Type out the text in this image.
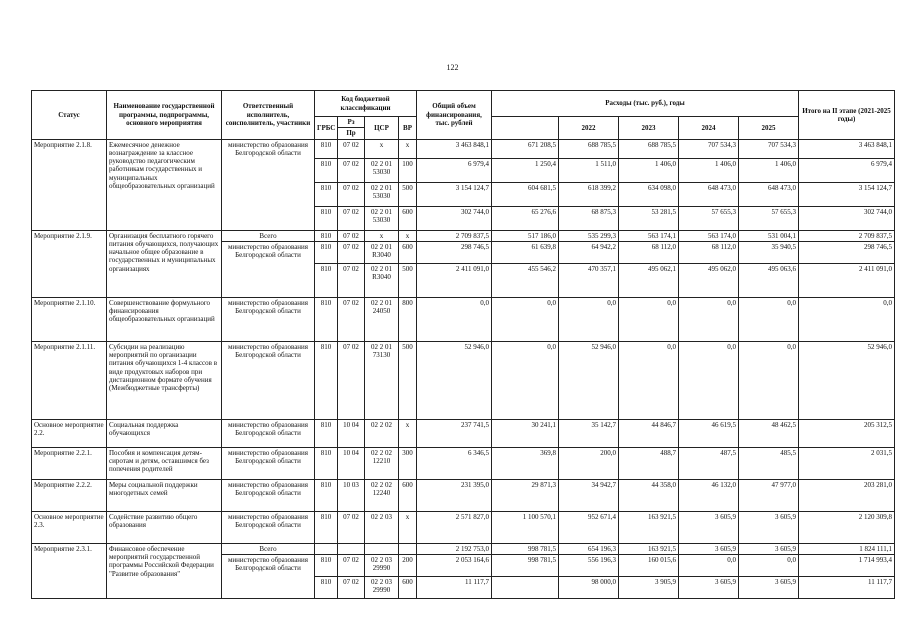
122
Статус	Наименование государственной программы, подпрограммы, основного мероприятия	Ответственный исполнитель, соисполнитель, участники	Код бюджетной классификации				Общий объем финансирования, тыс. рублей	Расходы (тыс. руб.), годы					Итого на II этапе (2021-2025 годы)
			ГРБС	Рз	ЦСР	ВР			2022	2023	2024	2025	
				Пр									
Мероприятие 2.1.8.	Ежемесячное денежное вознаграждение за классное руководство педагогическим работникам государственных и муниципальных общеобразовательных организаций	министерство образования Белгородской области	810	07 02	х	х	3 463 848,1	671 208,5	688 785,5	688 785,5	707 534,3	707 534,3	3 463 848,1
			810	07 02	02 2 01 53030	100	6 979,4	1 250,4	1 511,0	1 406,0	1 406,0	1 406,0	6 979,4
			810	07 02	02 2 01 53030	500	3 154 124,7	604 681,5	618 399,2	634 098,0	648 473,0	648 473,0	3 154 124,7
			810	07 02	02 2 01 53030	600	302 744,0	65 276,6	68 875,3	53 281,5	57 655,3	57 655,3	302 744,0
Мероприятие 2.1.9.	Организация бесплатного горячего питания обучающихся, получающих начальное общее образование в государственных и муниципальных организациях	Всего	810	07 02	х	х	2 709 837,5	517 186,0	535 299,3	563 174,1	563 174,0	531 004,1	2 709 837,5
		министерство образования Белгородской области	810	07 02	02 2 01 R3040	600	298 746,5	61 639,8	64 942,2	68 112,0	68 112,0	35 940,5	298 746,5
			810	07 02	02 2 01 R3040	500	2 411 091,0	455 546,2	470 357,1	495 062,1	495 062,0	495 063,6	2 411 091,0
Мероприятие 2.1.10.	Совершенствование формульного финансирования общеобразовательных организаций	министерство образования Белгородской области	810	07 02	02 2 01 24050	800	0,0	0,0	0,0	0,0	0,0	0,0	0,0
Мероприятие 2.1.11.	Субсидии на реализацию мероприятий по организации питания обучающихся 1-4 классов в виде продуктовых наборов при дистанционном формате обучения (Межбюджетные трансферты)	министерство образования Белгородской области	810	07 02	02 2 01 73130	500	52 946,0	0,0	52 946,0	0,0	0,0	0,0	52 946,0
Основное мероприятие 2.2.	Социальная поддержка обучающихся	министерство образования Белгородской области	810	10 04	02 2 02	х	237 741,5	30 241,1	35 142,7	44 846,7	46 619,5	48 462,5	205 312,5
Мероприятие 2.2.1.	Пособия и компенсация детям-сиротам и детям, оставшимся без попечения родителей	министерство образования Белгородской области	810	10 04	02 2 02 12210	300	6 346,5	369,8	200,0	488,7	487,5	485,5	2 031,5
Мероприятие 2.2.2.	Меры социальной поддержки многодетных семей	министерство образования Белгородской области	810	10 03	02 2 02 12240	600	231 395,0	29 871,3	34 942,7	44 358,0	46 132,0	47 977,0	203 281,0
Основное мероприятие 2.3.	Содействие развитию общего образования	министерство образования Белгородской области	810	07 02	02 2 03	х	2 571 827,0	1 100 570,1	952 671,4	163 921,5	3 605,9	3 605,9	2 120 309,8
Мероприятие 2.3.1.	Финансовое обеспечение мероприятий государственной программы Российской Федерации "Развитие образования"	Всего					2 192 753,0	998 781,5	654 196,3	163 921,5	3 605,9	3 605,9	1 824 111,1
		министерство образования Белгородской области	810	07 02	02 2 03 29990	200	2 053 164,6	998 781,5	556 196,3	160 015,6	0,0	0,0	1 714 993,4
			810	07 02	02 2 03 29990	600	11 117,7		98 000,0	3 905,9	3 605,9	3 605,9	11 117,7
